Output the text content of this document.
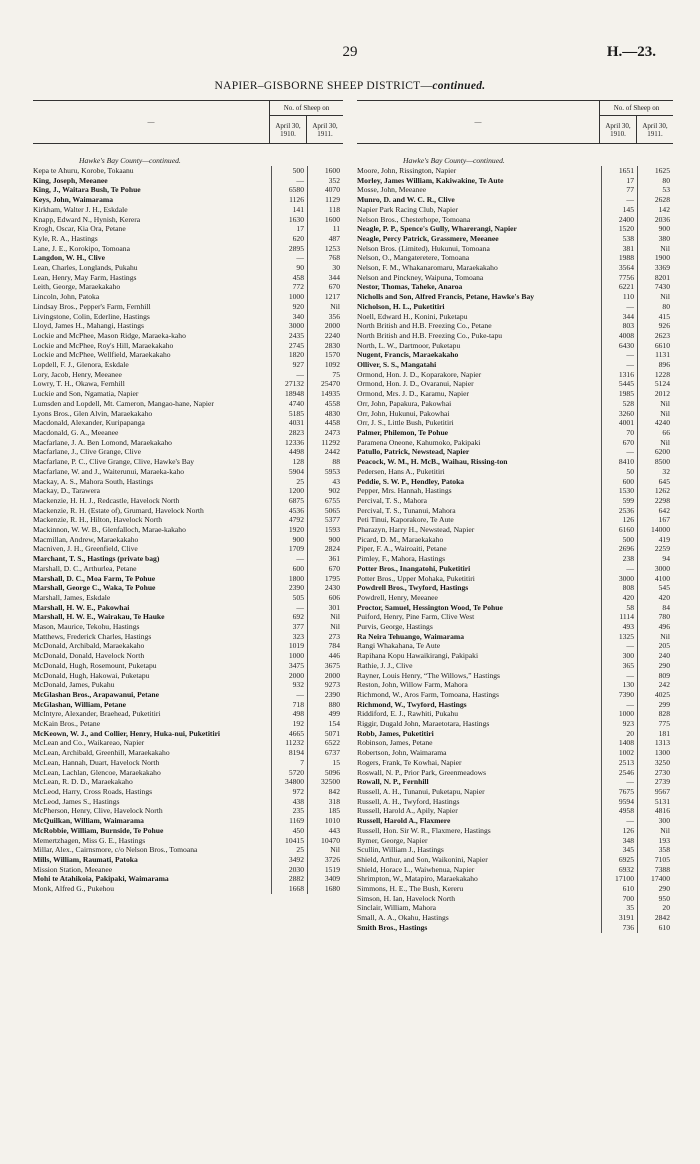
29	H.—23.
NAPIER–GISBORNE SHEEP DISTRICT—continued.
—
No. of Sheep on
April 30, 1910.
April 30, 1911.
Hawke's Bay County—continued.
Kepa te Ahuru, Korobe, Tokaanu	500	1600
King, Joseph, Meeanee	—	352
King, J., Waitara Bush, Te Pohue	6580	4070
Keys, John, Waimarama	1126	1129
Kirkham, Walter J. H., Eskdale	141	118
Knapp, Edward N., Hynish, Kerera	1630	1600
Krogh, Oscar, Kia Ora, Petane	17	11
Kyle, R. A., Hastings	620	487
Lane, J. E., Korokipo, Tomoana	2895	1253
Langdon, W. H., Clive	—	768
Lean, Charles, Longlands, Pukahu	90	30
Lean, Henry, May Farm, Hastings	458	344
Leith, George, Maraekakaho	772	670
Lincoln, John, Patoka	1000	1217
Lindsay Bros., Pepper's Farm, Fernhill	920	Nil
Livingstone, Colin, Ederline, Hastings	340	356
Lloyd, James H., Mahangi, Hastings	3000	2000
Lockie and McPhee, Mason Ridge, Maraeka-kaho	2435	2240
Lockie and McPhee, Roy's Hill, Maraekakaho	2745	2830
Lockie and McPhee, Wellfield, Maraekakaho	1820	1570
Lopdell, F. J., Glenora, Eskdale	927	1092
Lory, Jacob, Henry, Meeanee	—	75
Lowry, T. H., Okawa, Fernhill	27132	25470
Luckie and Son, Ngamatia, Napier	18948	14935
Lumsden and Lopdell, Mt. Cameron, Mangao-hane, Napier	4740	4558
Lyons Bros., Glen Alvin, Maraekakaho	5185	4830
Macdonald, Alexander, Kuripapanga	4031	4458
Macdonald, G. A., Meeanee	2823	2473
Macfarlane, J. A. Ben Lomond, Maraekakaho	12336	11292
Macfarlane, J., Clive Grange, Clive	4498	2442
Macfarlane, P. C., Clive Grange, Clive, Hawke's Bay	128	88
Macfarlane, W. and J., Waiterunui, Maraeka-kaho	5904	5953
Mackay, A. S., Mahora South, Hastings	25	43
Mackay, D., Tarawera	1200	902
Mackenzie, H. H. J., Redcastle, Havelock North	6875	6755
Mackenzie, R. H. (Estate of), Grumard, Havelock North	4536	5065
Mackenzie, R. H., Hilton, Havelock North	4792	5377
Mackinnon, W. W. B., Glenfalloch, Marae-kakaho	1920	1593
Macmillan, Andrew, Maraekakaho	900	900
Macniven, J. H., Greenfield, Clive	1709	2824
Marchant, T. S., Hastings (private bag)	—	361
Marshall, D. C., Arthurlea, Petane	600	670
Marshall, D. C., Moa Farm, Te Pohue	1800	1795
Marshall, George C., Waka, Te Pohue	2390	2430
Marshall, James, Eskdale	505	606
Marshall, H. W. E., Pakowhai	—	301
Marshall, H. W. E., Wairakau, Te Hauke	692	Nil
Mason, Maurice, Tekohu, Hastings	377	Nil
Matthews, Frederick Charles, Hastings	323	273
McDonald, Archibald, Maraekakaho	1019	784
McDonald, Donald, Havelock North	1000	446
McDonald, Hugh, Rosemount, Puketapu	3475	3675
McDonald, Hugh, Hakowai, Puketapu	2000	2000
McDonald, James, Pukahu	932	9273
McGlashan Bros., Arapawanui, Petane	—	2390
McGlashan, William, Petane	718	880
McIntyre, Alexander, Braehead, Puketitiri	498	499
McKain Bros., Petane	192	154
McKeown, W. J., and Collier, Henry, Huka-nui, Puketitiri	4665	5071
McLean and Co., Waikareao, Napier	11232	6522
McLean, Archibald, Greenhill, Maraekakaho	8194	6737
McLean, Hannah, Duart, Havelock North	7	15
McLean, Lachlan, Glencoe, Maraekakaho	5720	5096
McLean, R. D. D., Maraekakaho	34800	32500
McLeod, Harry, Cross Roads, Hastings	972	842
McLeod, James S., Hastings	438	318
McPherson, Henry, Clive, Havelock North	235	185
McQuilkan, William, Waimarama	1169	1010
McRobbie, William, Burnside, Te Pohue	450	443
Memertzhagen, Miss G. E., Hastings	10415	10470
Millar, Alex., Cairnsmore, c/o Nelson Bros., Tomoana	25	Nil
Mills, William, Raumati, Patoka	3492	3726
Mission Station, Meeanee	2030	1519
Mohi te Atahikoia, Pakipaki, Waimarama	2882	3409
Monk, Alfred G., Pukehou	1668	1680
—
No. of Sheep on
April 30, 1910.
April 30, 1911.
Hawke's Bay County—continued.
Moore, John, Rissington, Napier	1651	1625
Morley, James William, Kakiwakine, Te Aute	17	80
Mosse, John, Meeanee	77	53
Munro, D. and W. C. R., Clive	—	2628
Napier Park Racing Club, Napier	145	142
Nelson Bros., Chesterhope, Tomoana	2400	2036
Neagle, P. P., Spence's Gully, Wharerangi, Napier	1520	900
Neagle, Percy Patrick, Grassmere, Meeanee	538	380
Nelson Bros. (Limited), Hukunui, Tomoana	381	Nil
Nelson, O., Mangateretere, Tomoana	1988	1900
Nelson, F. M., Whakanaromaru, Maraekakaho	3564	3369
Nelson and Pinckney, Waipuna, Tomoana	7756	8201
Nestor, Thomas, Taheke, Anaroa	6221	7430
Nicholls and Son, Alfred Francis, Petane, Hawke's Bay	110	Nil
Nicholson, H. L., Puketitiri	—	80
Noell, Edward H., Konini, Puketapu	344	415
North British and H.B. Freezing Co., Petane	803	926
North British and H.B. Freezing Co., Puke-tapu	4008	2623
North, L. W., Dartmoor, Puketapu	6430	6610
Nugent, Francis, Maraekakaho	—	1131
Olliver, S. S., Mangatahi	—	896
Ormond, Hon. J. D., Koparakore, Napier	1316	1228
Ormond, Hon. J. D., Ovaranui, Napier	5445	5124
Ormond, Mrs. J. D., Karamu, Napier	1985	2012
Orr, John, Papakura, Pakowhai	528	Nil
Orr, John, Hukunui, Pakowhai	3260	Nil
Orr, J. S., Little Bush, Puketitiri	4001	4240
Palmer, Philemon, Te Pohue	70	66
Paramena Oneone, Kahumoko, Pakipaki	670	Nil
Patullo, Patrick, Newstead, Napier	—	6200
Peacock, W. M., H. McB., Waihau, Rissing-ton	8410	8500
Pedersen, Hans A., Puketitiri	50	32
Peddie, S. W. P., Hendley, Patoka	600	645
Pepper, Mrs. Hannah, Hastings	1530	1262
Percival, T. S., Mahora	599	2298
Percival, T. S., Tunanui, Mahora	2536	642
Peti Tinui, Kaporakore, Te Aute	126	167
Pharazyn, Harry H., Newstead, Napier	6160	14000
Picard, D. M., Maraekakaho	500	419
Piper, F. A., Wairoaiti, Petane	2696	2259
Pimley, F., Mahora, Hastings	238	94
Potter Bros., Inangatohi, Puketitiri	—	3000
Potter Bros., Upper Mohaka, Puketitiri	3000	4100
Powdrell Bros., Twyford, Hastings	808	545
Powdrell, Henry, Meeanee	420	420
Proctor, Samuel, Hessington Wood, Te Pohue	58	84
Puiford, Henry, Pine Farm, Clive West	1114	780
Purvis, George, Hastings	493	496
Ra Neira Tehuango, Waimarama	1325	Nil
Rangi Whakahana, Te Aute	—	205
Rapihana Kopu Hawaikirangi, Pakipaki	300	240
Rathie, J. J., Clive	365	290
Rayner, Louis Henry, “The Willows,” Hastings	—	809
Reston, John, Willow Farm, Mahora	130	242
Richmond, W., Aros Farm, Tomoana, Hastings	7390	4025
Richmond, W., Twyford, Hastings	—	299
Riddiford, E. J., Rawhiti, Pukahu	1000	828
Riggir, Dugald John, Maraetotara, Hastings	923	775
Robb, James, Puketitiri	20	181
Robinson, James, Petane	1408	1313
Robertson, John, Waimarama	1002	1300
Rogers, Frank, Te Kowhai, Napier	2513	3250
Roswall, N. P., Prior Park, Greenmeadows	2546	2730
Rowall, N. P., Fernhill	—	2739
Russell, A. H., Tunanui, Puketapu, Napier	7675	9567
Russell, A. H., Twyford, Hastings	9594	5131
Russell, Harold A., Apily, Napier	4958	4816
Russell, Harold A., Flaxmere	—	300
Russell, Hon. Sir W. R., Flaxmere, Hastings	126	Nil
Rymer, George, Napier	348	193
Scullin, William J., Hastings	345	358
Shield, Arthur, and Son, Waikonini, Napier	6925	7105
Shield, Horace L., Waiwhenua, Napier	6932	7388
Shrimpton, W., Matapiro, Maraekakaho	17100	17400
Simmons, H. E., The Bush, Kereru	610	290
Simson, H. Ian, Havelock North	700	950
Sinclair, William, Mahora	35	20
Small, A. A., Okahu, Hastings	3191	2842
Smith Bros., Hastings	736	610
